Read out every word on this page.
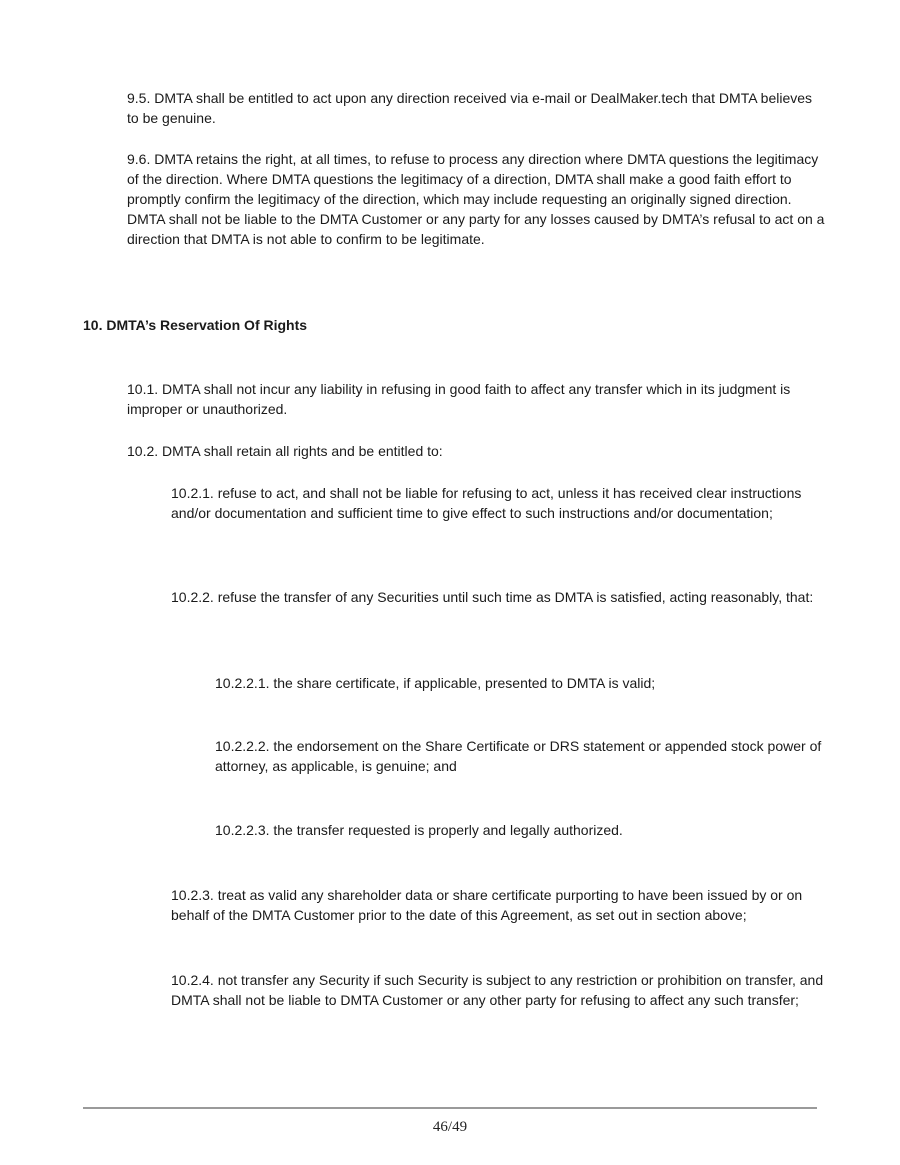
9.5. DMTA shall be entitled to act upon any direction received via e-mail or DealMaker.tech that DMTA believes to be genuine.

9.6. DMTA retains the right, at all times, to refuse to process any direction where DMTA questions the legitimacy of the direction. Where DMTA questions the legitimacy of a direction, DMTA shall make a good faith effort to promptly confirm the legitimacy of the direction, which may include requesting an originally signed direction. DMTA shall not be liable to the DMTA Customer or any party for any losses caused by DMTA’s refusal to act on a direction that DMTA is not able to confirm to be legitimate.

10. DMTA’s Reservation Of Rights

10.1. DMTA shall not incur any liability in refusing in good faith to affect any transfer which in its judgment is improper or unauthorized.

10.2. DMTA shall retain all rights and be entitled to:

10.2.1. refuse to act, and shall not be liable for refusing to act, unless it has received clear instructions and/or documentation and sufficient time to give effect to such instructions and/or documentation;

10.2.2. refuse the transfer of any Securities until such time as DMTA is satisfied, acting reasonably, that:

10.2.2.1. the share certificate, if applicable, presented to DMTA is valid;

10.2.2.2. the endorsement on the Share Certificate or DRS statement or appended stock power of attorney, as applicable, is genuine; and

10.2.2.3. the transfer requested is properly and legally authorized.

10.2.3. treat as valid any shareholder data or share certificate purporting to have been issued by or on behalf of the DMTA Customer prior to the date of this Agreement, as set out in section above;

10.2.4. not transfer any Security if such Security is subject to any restriction or prohibition on transfer, and DMTA shall not be liable to DMTA Customer or any other party for refusing to affect any such transfer;

46/49
